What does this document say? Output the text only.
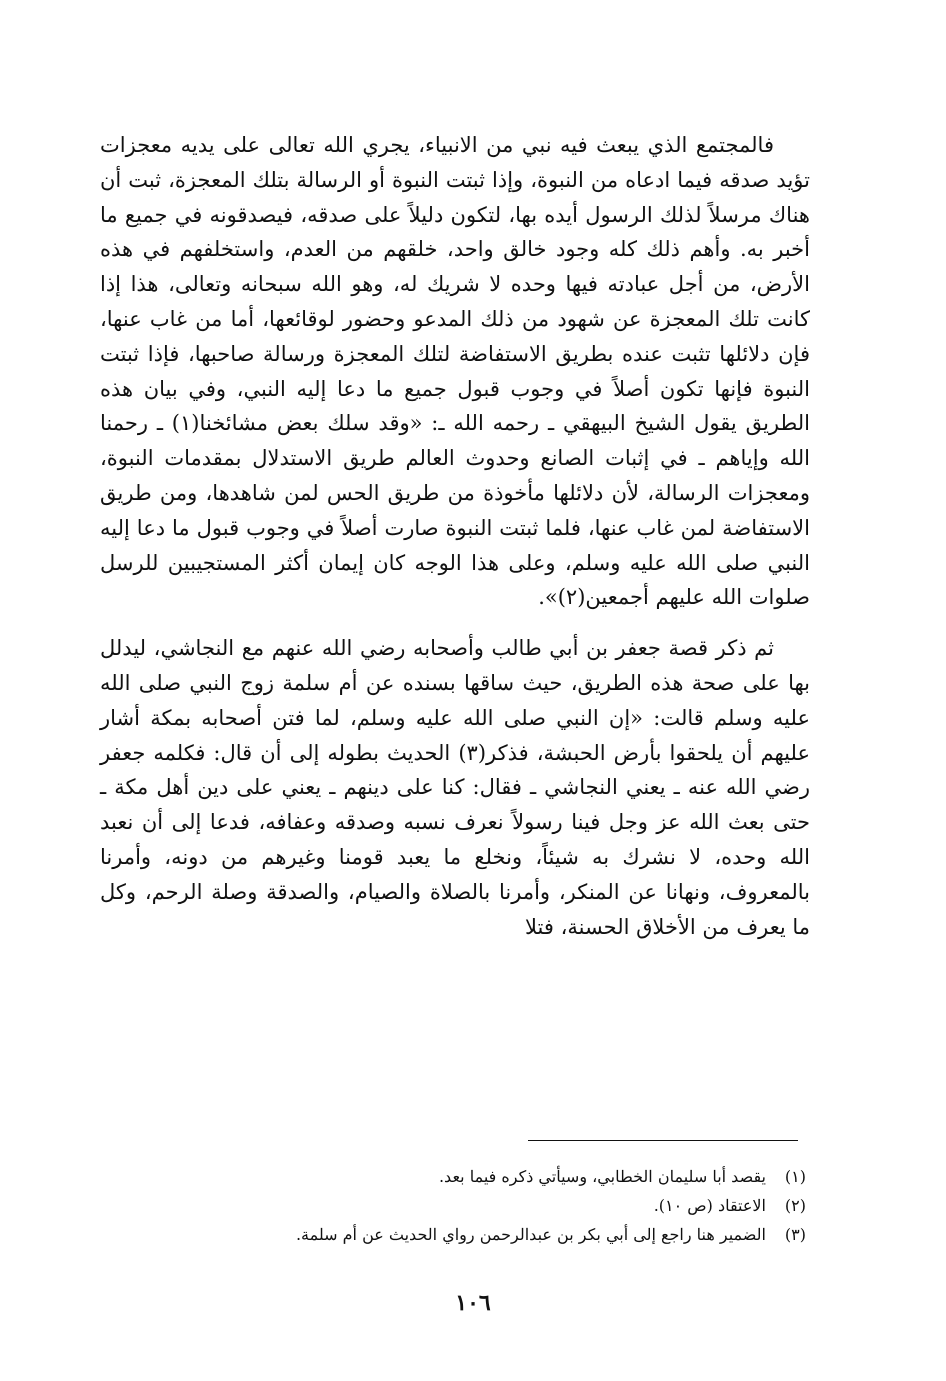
فالمجتمع الذي يبعث فيه نبي من الانبياء، يجري الله تعالى على يديه معجزات تؤيد صدقه فيما ادعاه من النبوة، وإذا ثبتت النبوة أو الرسالة بتلك المعجزة، ثبت أن هناك مرسلاً لذلك الرسول أيده بها، لتكون دليلاً على صدقه، فيصدقونه في جميع ما أخبر به. وأهم ذلك كله وجود خالق واحد، خلقهم من العدم، واستخلفهم في هذه الأرض، من أجل عبادته فيها وحده لا شريك له، وهو الله سبحانه وتعالى، هذا إذا كانت تلك المعجزة عن شهود من ذلك المدعو وحضور لوقائعها، أما من غاب عنها، فإن دلائلها تثبت عنده بطريق الاستفاضة لتلك المعجزة ورسالة صاحبها، فإذا ثبتت النبوة فإنها تكون أصلاً في وجوب قبول جميع ما دعا إليه النبي، وفي بيان هذه الطريق يقول الشيخ البيهقي ـ رحمه الله ـ: «وقد سلك بعض مشائخنا(١) ـ رحمنا الله وإياهم ـ في إثبات الصانع وحدوث العالم طريق الاستدلال بمقدمات النبوة، ومعجزات الرسالة، لأن دلائلها مأخوذة من طريق الحس لمن شاهدها، ومن طريق الاستفاضة لمن غاب عنها، فلما ثبتت النبوة صارت أصلاً في وجوب قبول ما دعا إليه النبي صلى الله عليه وسلم، وعلى هذا الوجه كان إيمان أكثر المستجيبين للرسل صلوات الله عليهم أجمعين(٢)».

ثم ذكر قصة جعفر بن أبي طالب وأصحابه رضي الله عنهم مع النجاشي، ليدلل بها على صحة هذه الطريق، حيث ساقها بسنده عن أم سلمة زوج النبي صلى الله عليه وسلم قالت: «إن النبي صلى الله عليه وسلم، لما فتن أصحابه بمكة أشار عليهم أن يلحقوا بأرض الحبشة، فذكر(٣) الحديث بطوله إلى أن قال: فكلمه جعفر رضي الله عنه ـ يعني النجاشي ـ فقال: كنا على دينهم ـ يعني على دين أهل مكة ـ حتى بعث الله عز وجل فينا رسولاً نعرف نسبه وصدقه وعفافه، فدعا إلى أن نعبد الله وحده، لا نشرك به شيئاً، ونخلع ما يعبد قومنا وغيرهم من دونه، وأمرنا بالمعروف، ونهانا عن المنكر، وأمرنا بالصلاة والصيام، والصدقة وصلة الرحم، وكل ما يعرف من الأخلاق الحسنة، فتلا

(١)
يقصد أبا سليمان الخطابي، وسيأتي ذكره فيما بعد.
(٢)
الاعتقاد (ص ١٠).
(٣)
الضمير هنا راجع إلى أبي بكر بن عبدالرحمن رواي الحديث عن أم سلمة.
١٠٦
